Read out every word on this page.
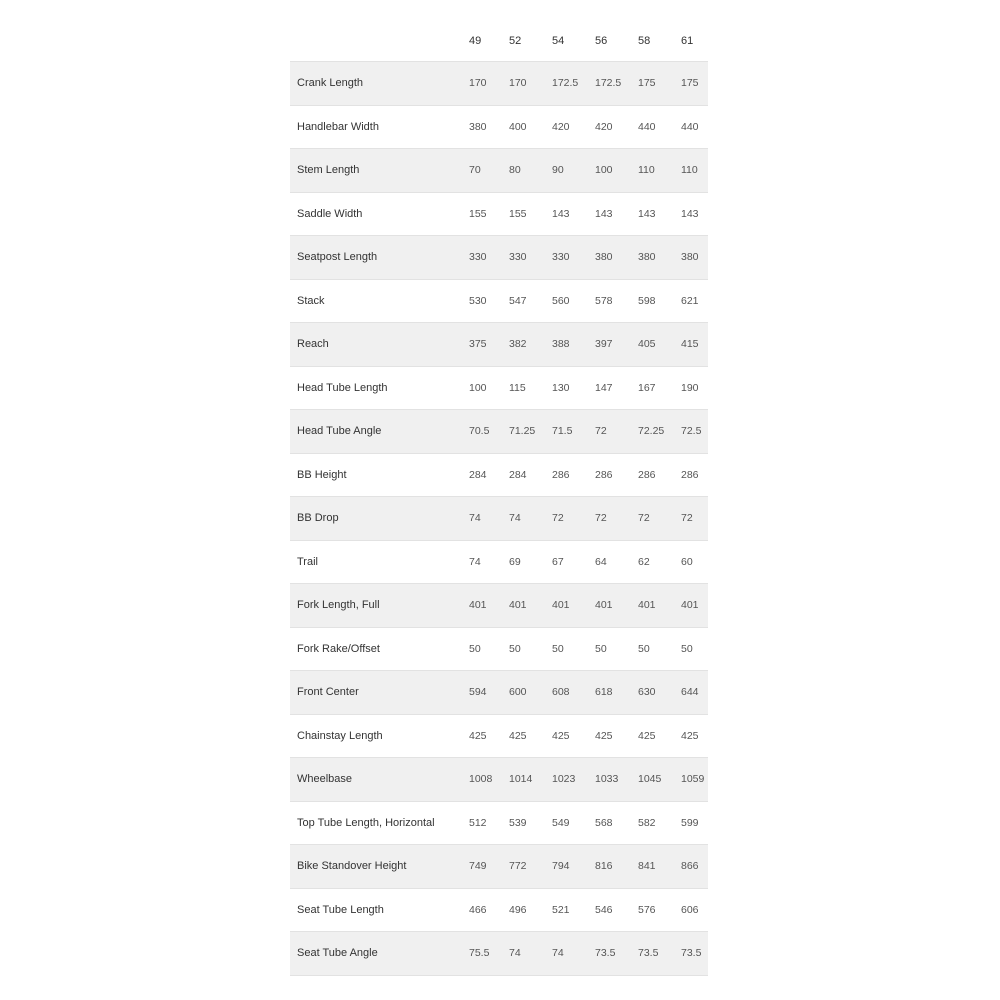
49	52	54	56	58	61
Crank Length	170 170 172.5 172.5 175 175
Handlebar Width	380 400 420 420 440 440
Stem Length	70	80	90	100 110	110
Saddle Width	155 155 143 143 143 143
Seatpost Length	330 330 330 380 380 380
Stack	530 547 560 578 598 621
Reach	375 382 388 397 405 415
Head Tube Length	100 115	130 147 167 190
Head Tube Angle	70.5 71.25 71.5 72	72.25 72.5
BB Height	284 284 286 286 286 286
BB Drop	74	74	72	72	72	72
Trail	74	69	67	64	62	60
Fork Length, Full	401 401 401 401 401 401
Fork Rake/Offset	50	50	50	50	50	50
Front Center	594 600 608 618 630 644
Chainstay Length	425 425 425 425 425 425
Wheelbase	1008 1014 1023 1033 1045 1059
Top Tube Length, Horizontal	512 539 549 568 582 599
Bike Standover Height	749 772 794 816 841 866
Seat Tube Length	466 496 521 546 576 606
Seat Tube Angle	75.5 74	74	73.5 73.5 73.5
